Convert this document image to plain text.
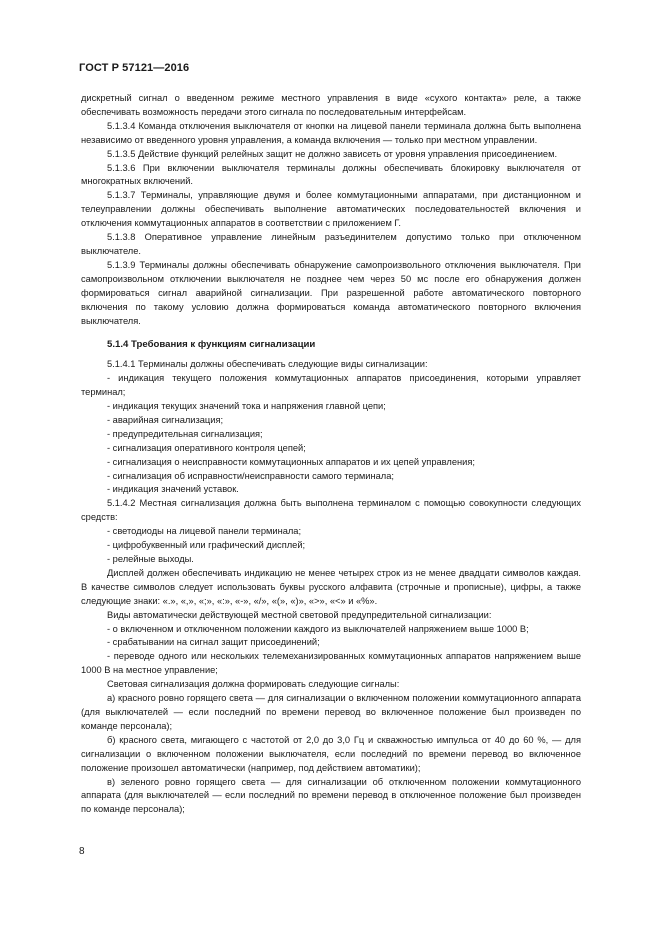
ГОСТ Р 57121—2016

дискретный сигнал о введенном режиме местного управления в виде «сухого контакта» реле, а также обеспечивать возможность передачи этого сигнала по последовательным интерфейсам.

5.1.3.4 Команда отключения выключателя от кнопки на лицевой панели терминала должна быть выполнена независимо от введенного уровня управления, а команда включения — только при местном управлении.

5.1.3.5 Действие функций релейных защит не должно зависеть от уровня управления присоединением.

5.1.3.6 При включении выключателя терминалы должны обеспечивать блокировку выключателя от многократных включений.

5.1.3.7 Терминалы, управляющие двумя и более коммутационными аппаратами, при дистанционном и телеуправлении должны обеспечивать выполнение автоматических последовательностей включения и отключения коммутационных аппаратов в соответствии с приложением Г.

5.1.3.8 Оперативное управление линейным разъединителем допустимо только при отключенном выключателе.

5.1.3.9 Терминалы должны обеспечивать обнаружение самопроизвольного отключения выключателя. При самопроизвольном отключении выключателя не позднее чем через 50 мс после его обнаружения должен формироваться сигнал аварийной сигнализации. При разрешенной работе автоматического повторного включения по такому условию должна формироваться команда автоматического повторного включения выключателя.

5.1.4 Требования к функциям сигнализации

5.1.4.1 Терминалы должны обеспечивать следующие виды сигнализации:

- индикация текущего положения коммутационных аппаратов присоединения, которыми управляет терминал;

- индикация текущих значений тока и напряжения главной цепи;

- аварийная сигнализация;

- предупредительная сигнализация;

- сигнализация оперативного контроля цепей;

- сигнализация о неисправности коммутационных аппаратов и их цепей управления;

- сигнализация об исправности/неисправности самого терминала;

- индикация значений уставок.

5.1.4.2 Местная сигнализация должна быть выполнена терминалом с помощью совокупности следующих средств:

- светодиоды на лицевой панели терминала;

- цифробуквенный или графический дисплей;

- релейные выходы.

Дисплей должен обеспечивать индикацию не менее четырех строк из не менее двадцати символов каждая. В качестве символов следует использовать буквы русского алфавита (строчные и прописные), цифры, а также следующие знаки: «.», «,», «;», «:», «-», «/», «(», «)», «>», «<» и «%».

Виды автоматически действующей местной световой предупредительной сигнализации:

- о включенном и отключенном положении каждого из выключателей напряжением выше 1000 В;

- срабатывании на сигнал защит присоединений;

- переводе одного или нескольких телемеханизированных коммутационных аппаратов напряжением выше 1000 В на местное управление;

Световая сигнализация должна формировать следующие сигналы:

а) красного ровно горящего света — для сигнализации о включенном положении коммутационного аппарата (для выключателей — если последний по времени перевод во включенное положение был произведен по команде персонала);

б) красного света, мигающего с частотой от 2,0 до 3,0 Гц и скважностью импульса от 40 до 60 %, — для сигнализации о включенном положении выключателя, если последний по времени перевод во включенное положение произошел автоматически (например, под действием автоматики);

в) зеленого ровно горящего света — для сигнализации об отключенном положении коммутационного аппарата (для выключателей — если последний по времени перевод в отключенное положение был произведен по команде персонала);

8
